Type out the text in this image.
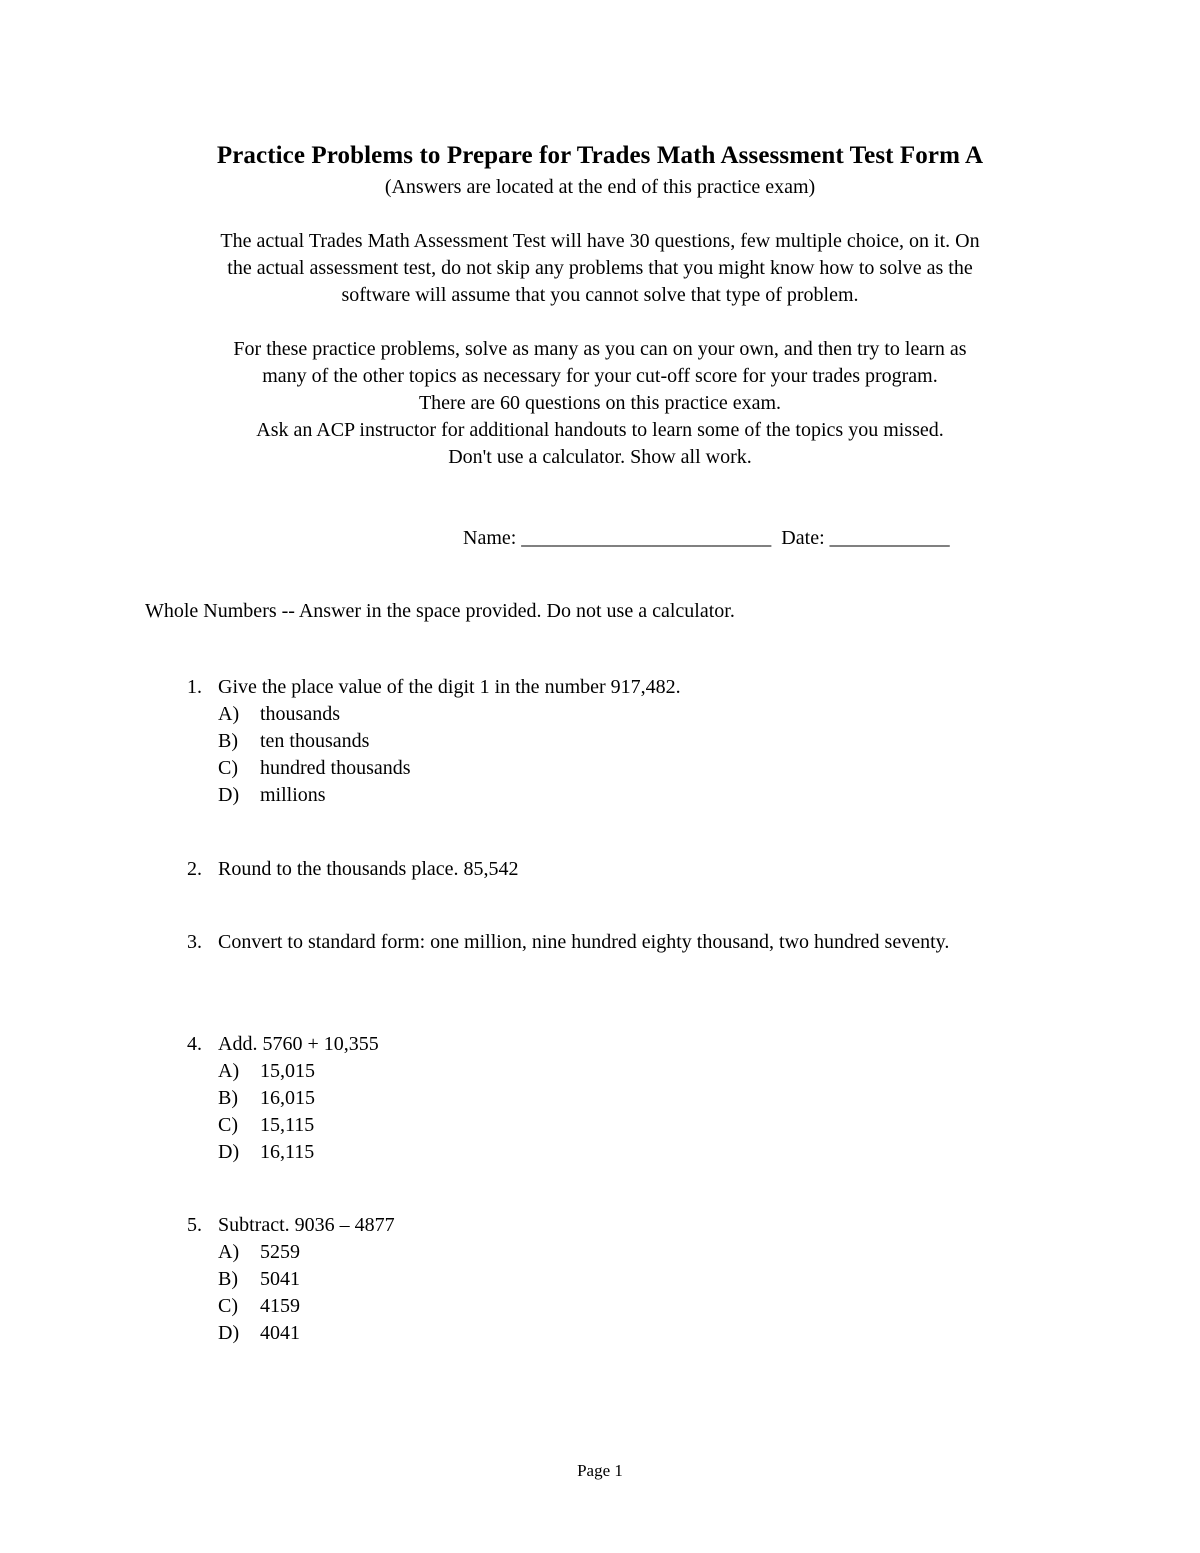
Practice Problems to Prepare for Trades Math Assessment Test Form A
(Answers are located at the end of this practice exam)
The actual Trades Math Assessment Test will have 30 questions, few multiple choice, on it. On
the actual assessment test, do not skip any problems that you might know how to solve as the
software will assume that you cannot solve that type of problem.
For these practice problems, solve as many as you can on your own, and then try to learn as
many of the other topics as necessary for your cut-off score for your trades program.
There are 60 questions on this practice exam.
Ask an ACP instructor for additional handouts to learn some of the topics you missed.
Don't use a calculator. Show all work.
Name: _________________________  Date: ____________
Whole Numbers -- Answer in the space provided. Do not use a calculator.
1. Give the place value of the digit 1 in the number 917,482.
A) thousands
B) ten thousands
C) hundred thousands
D) millions
2. Round to the thousands place. 85,542
3. Convert to standard form: one million, nine hundred eighty thousand, two hundred seventy.
4. Add. 5760 + 10,355
A) 15,015
B) 16,015
C) 15,115
D) 16,115
5. Subtract. 9036 – 4877
A) 5259
B) 5041
C) 4159
D) 4041
Page 1
